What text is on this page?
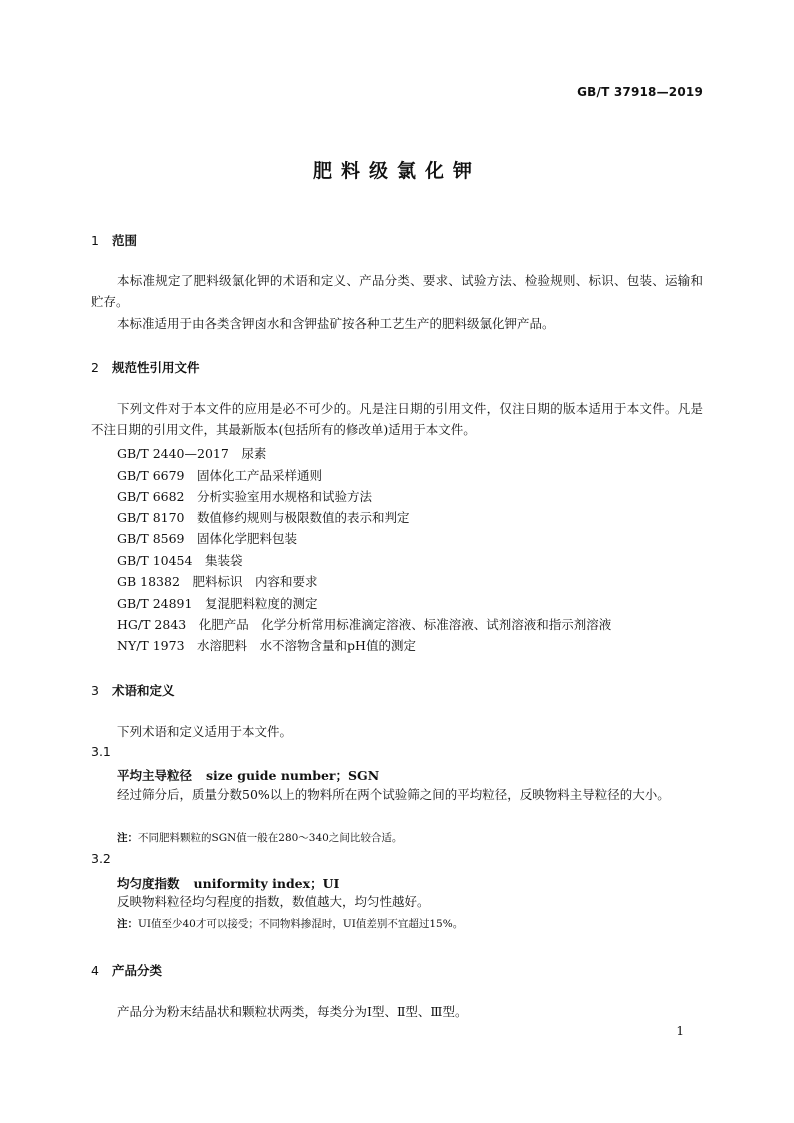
GB/T 37918—2019
肥料级氯化钾
1 范围
本标准规定了肥料级氯化钾的术语和定义、产品分类、要求、试验方法、检验规则、标识、包装、运输和贮存。
本标准适用于由各类含钾卤水和含钾盐矿按各种工艺生产的肥料级氯化钾产品。
2 规范性引用文件
下列文件对于本文件的应用是必不可少的。凡是注日期的引用文件，仅注日期的版本适用于本文件。凡是不注日期的引用文件，其最新版本(包括所有的修改单)适用于本文件。
GB/T 2440—2017　 尿素
GB/T 6679　 固体化工产品采样通则
GB/T 6682　 分析实验室用水规格和试验方法
GB/T 8170　 数值修约规则与极限数值的表示和判定
GB/T 8569　 固体化学肥料包装
GB/T 10454　 集装袋
GB 18382　 肥料标识　内容和要求
GB/T 24891　 复混肥料粒度的测定
HG/T 2843　 化肥产品　化学分析常用标准滴定溶液、标准溶液、试剂溶液和指示剂溶液
NY/T 1973　 水溶肥料　水不溶物含量和pH值的测定
3 术语和定义
下列术语和定义适用于本文件。
3.1
平均主导粒径 size guide number；SGN
经过筛分后，质量分数50%以上的物料所在两个试验筛之间的平均粒径，反映物料主导粒径的大小。
注：不同肥料颗粒的SGN值一般在280～340之间比较合适。
3.2
均匀度指数 uniformity index；UI
反映物料粒径均匀程度的指数，数值越大，均匀性越好。
注：UI值至少40才可以接受；不同物料掺混时，UI值差别不宜超过15%。
4 产品分类
产品分为粉末结晶状和颗粒状两类，每类分为Ⅰ型、Ⅱ型、Ⅲ型。
1
